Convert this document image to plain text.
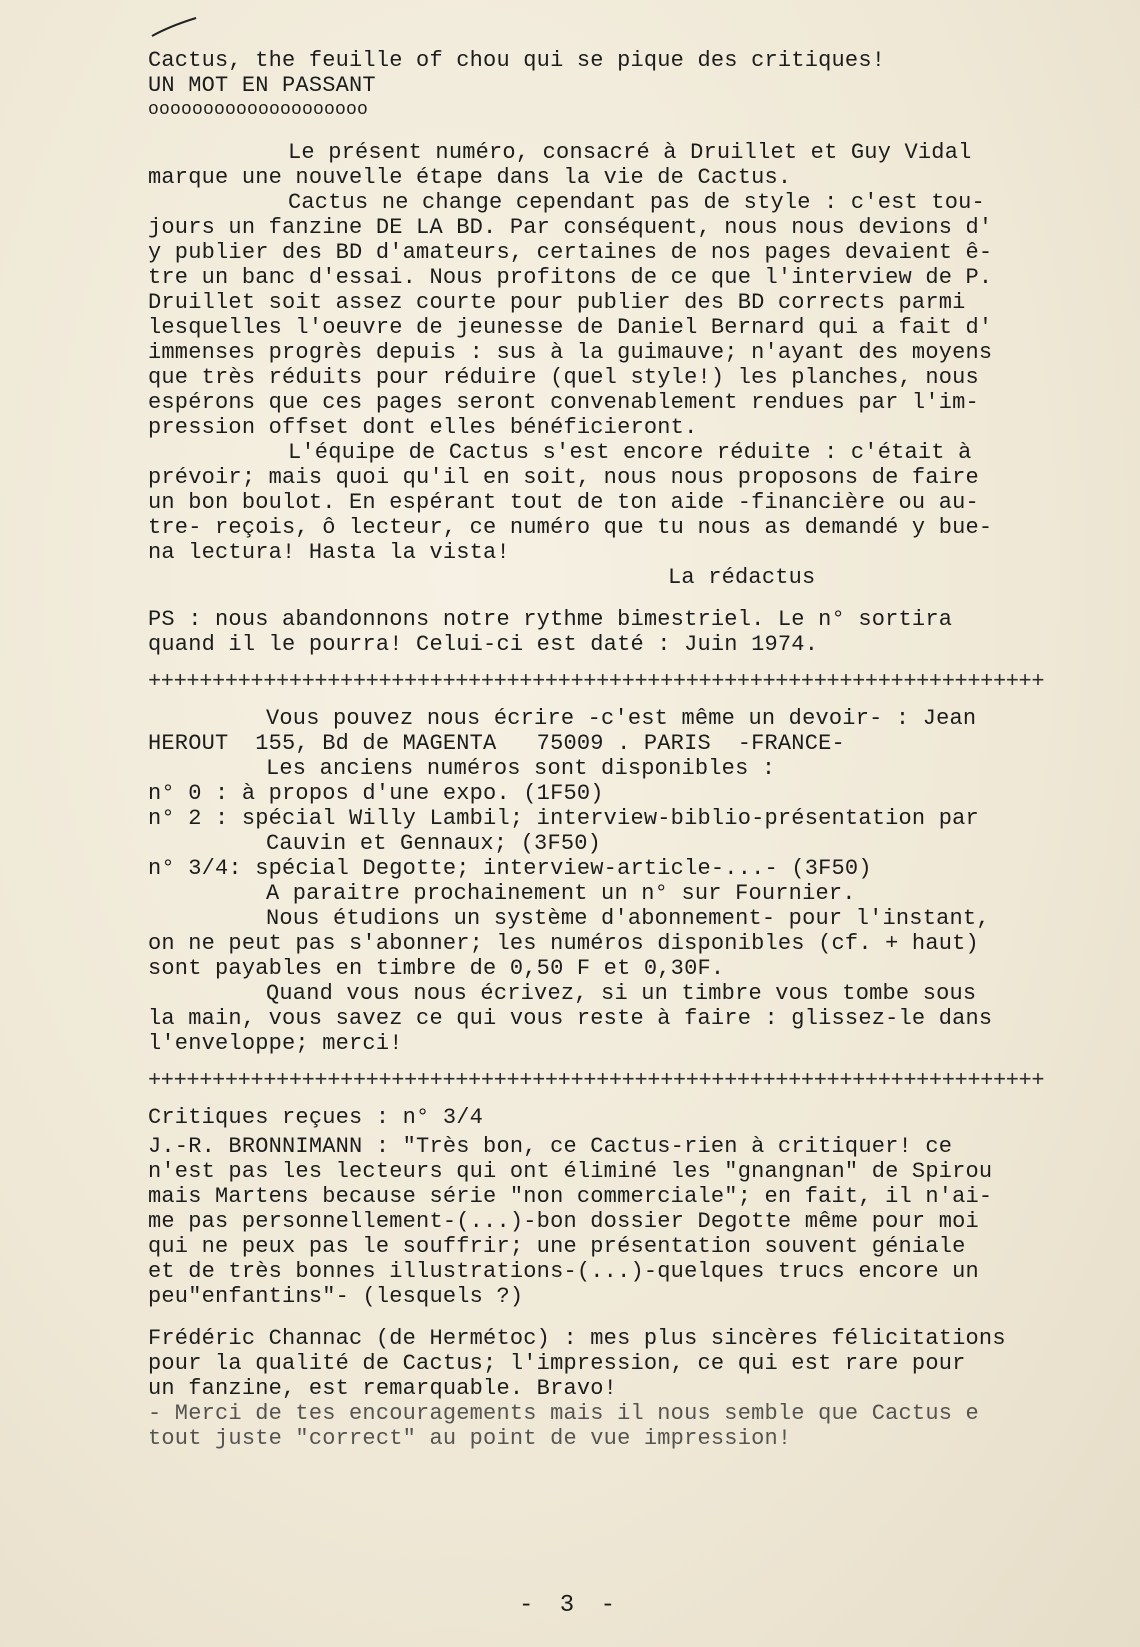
Cactus, the feuille of chou qui se pique des critiques!
UN MOT EN PASSANT
oooooooooooooooooooo
Le présent numéro, consacré à Druillet et Guy Vidal
marque une nouvelle étape dans la vie de Cactus.
Cactus ne change cependant pas de style : c'est tou-
jours un fanzine DE LA BD. Par conséquent, nous nous devions d'
y publier des BD d'amateurs, certaines de nos pages devaient ê-
tre un banc d'essai. Nous profitons de ce que l'interview de P.
Druillet soit assez courte pour publier des BD corrects parmi
lesquelles l'oeuvre de jeunesse de Daniel Bernard qui a fait d'
immenses progrès depuis : sus à la guimauve; n'ayant des moyens
que très réduits pour réduire (quel style!) les planches, nous
espérons que ces pages seront convenablement rendues par l'im-
pression offset dont elles bénéficieront.
L'équipe de Cactus s'est encore réduite : c'était à
prévoir; mais quoi qu'il en soit, nous nous proposons de faire
un bon boulot. En espérant tout de ton aide -financière ou au-
tre- reçois, ô lecteur, ce numéro que tu nous as demandé y bue-
na lectura! Hasta la vista!
La rédactus
PS : nous abandonnons notre rythme bimestriel. Le n° sortira
quand il le pourra! Celui-ci est daté : Juin 1974.
++++++++++++++++++++++++++++++++++++++++++++++++++++++++++++++++++++++
Vous pouvez nous écrire -c'est même un devoir- : Jean
HEROUT  155, Bd de MAGENTA   75009 . PARIS  -FRANCE-
Les anciens numéros sont disponibles :
n° 0 : à propos d'une expo. (1F50)
n° 2 : spécial Willy Lambil; interview-biblio-présentation par
Cauvin et Gennaux; (3F50)
n° 3/4: spécial Degotte; interview-article-...- (3F50)
A paraitre prochainement un n° sur Fournier.
Nous étudions un système d'abonnement- pour l'instant,
on ne peut pas s'abonner; les numéros disponibles (cf. + haut)
sont payables en timbre de 0,50 F et 0,30F.
Quand vous nous écrivez, si un timbre vous tombe sous
la main, vous savez ce qui vous reste à faire : glissez-le dans
l'enveloppe; merci!
++++++++++++++++++++++++++++++++++++++++++++++++++++++++++++++++++++++
Critiques reçues : n° 3/4
J.-R. BRONNIMANN : "Très bon, ce Cactus-rien à critiquer! ce
n'est pas les lecteurs qui ont éliminé les "gnangnan" de Spirou
mais Martens because série "non commerciale"; en fait, il n'ai-
me pas personnellement-(...)-bon dossier Degotte même pour moi
qui ne peux pas le souffrir; une présentation souvent géniale
et de très bonnes illustrations-(...)-quelques trucs encore un
peu"enfantins"- (lesquels ?)
Frédéric Channac (de Hermétoc) : mes plus sincères félicitations
pour la qualité de Cactus; l'impression, ce qui est rare pour
un fanzine, est remarquable. Bravo!
- Merci de tes encouragements mais il nous semble que Cactus e
tout juste "correct" au point de vue impression!
- 3 -
